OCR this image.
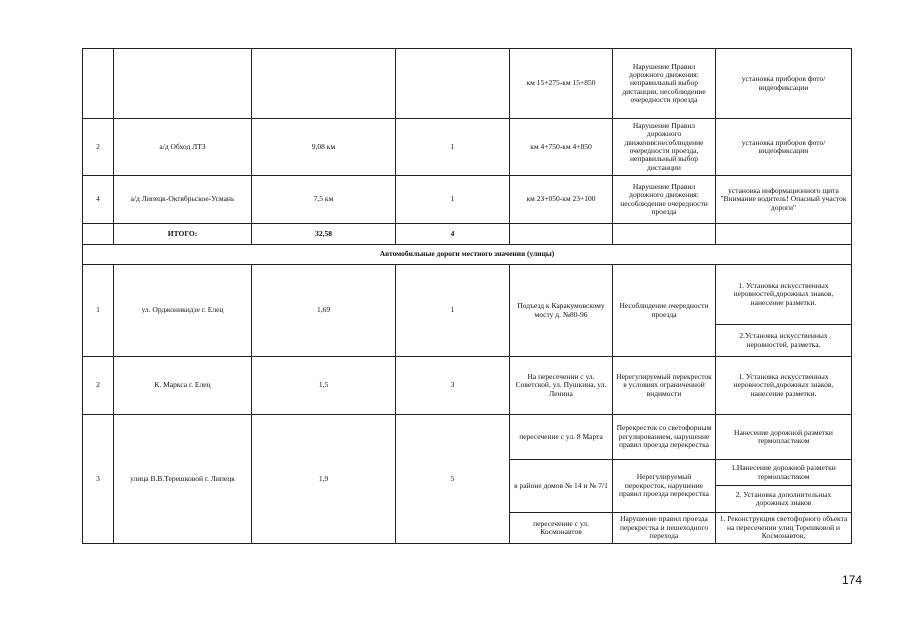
				км 15+275-км 15+850	Нарушение Правил дорожного движения: неправильный выбор дистанции, несоблюдение очередности проезда	установка приборов фото/видеофиксации
2	а/д Обход ЛТЗ	9,08 км	1	км 4+750-км 4+850	Нарушение Правил дорожного движения:несоблюдение очередности проезда, неправильный выбор дистанции	установка приборов фото/видеофиксации
4	а/д Липецк-Октябрьское-Усмань	7,5 км	1	км 23+050-км 23+100	Нарушение Правил дорожного движения: несоблюдение очередности проезда	установка информационного щита "Внимание водитель! Опасный участок дороги"
	ИТОГО:	32,58	4			
Автомобильные дороги местного значения (улицы)						
1	ул. Орджоникидзе г. Елец	1,69	1	Подъезд к Каракумовскому мосту д. №80-96	Несоблюдение очередности проезда	1. Установка искусственных неровностей,дорожных знаков, нанесение разметки.
						2.Установка искусственных неровностей, разметка.
2	К. Маркса г. Елец	1,5	3	На пересечении с ул. Советской, ул. Пушкина, ул. Ленина	Нерегулируемый перекресток в условиях ограниченной видимости	1. Установка искусственных неровностей,дорожных знаков, нанесение разметки.
3	улица В.В.Терешковой г. Липецк	1,9	5	пересечение с ул. 8 Марта	Перекресток со светофорным регулированием, нарушение правил проезда перекрестка	Нанесение дорожной разметки термопластиком
				в районе домов № 14 и № 7/1	Нерегулируемый перекресток, нарушение правил проезда перекрестка	1.Нанесение дорожной разметки термопластиком
						2. Установка дополнительных дорожных знаков
				пересечение с ул. Космонавтов	Нарушение правил проезда перекрестка и пешеходного перехода	1. Реконструкция светофорного объекта на пересечении улиц Терешковой и Космонавтов,
174
